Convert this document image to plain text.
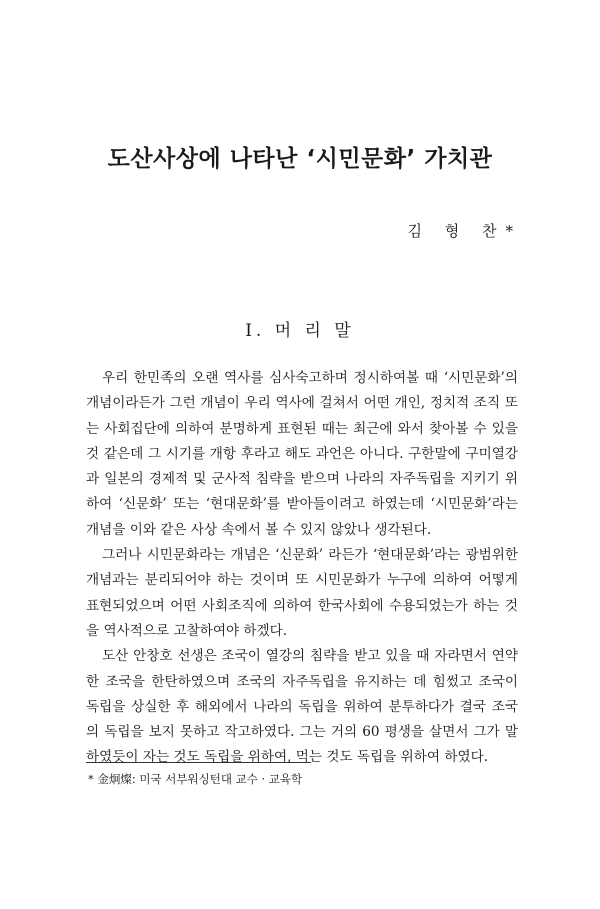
도산사상에 나타난 ‘시민문화’ 가치관
김 형 찬*
Ⅰ. 머 리 말

우리 한민족의 오랜 역사를 심사숙고하며 정시하여볼 때 ‘시민문화’의 개념이라든가 그런 개념이 우리 역사에 걸쳐서 어떤 개인, 정치적 조직 또는 사회집단에 의하여 분명하게 표현된 때는 최근에 와서 찾아볼 수 있을 것 같은데 그 시기를 개항 후라고 해도 과언은 아니다. 구한말에 구미열강과 일본의 경제적 및 군사적 침략을 받으며 나라의 자주독립을 지키기 위하여 ‘신문화’ 또는 ‘현대문화’를 받아들이려고 하였는데 ‘시민문화’라는 개념을 이와 같은 사상 속에서 볼 수 있지 않았나 생각된다.

그러나 시민문화라는 개념은 ‘신문화’ 라든가 ‘현대문화’라는 광범위한 개념과는 분리되어야 하는 것이며 또 시민문화가 누구에 의하여 어떻게 표현되었으며 어떤 사회조직에 의하여 한국사회에 수용되었는가 하는 것을 역사적으로 고찰하여야 하겠다.

도산 안창호 선생은 조국이 열강의 침략을 받고 있을 때 자라면서 연약한 조국을 한탄하였으며 조국의 자주독립을 유지하는 데 힘썼고 조국이 독립을 상실한 후 해외에서 나라의 독립을 위하여 분투하다가 결국 조국의 독립을 보지 못하고 작고하였다. 그는 거의 60 평생을 살면서 그가 말하였듯이 자는 것도 독립을 위하여, 먹는 것도 독립을 위하여 하였다.

* 金炯燦: 미국 서부워싱턴대 교수 · 교육학
